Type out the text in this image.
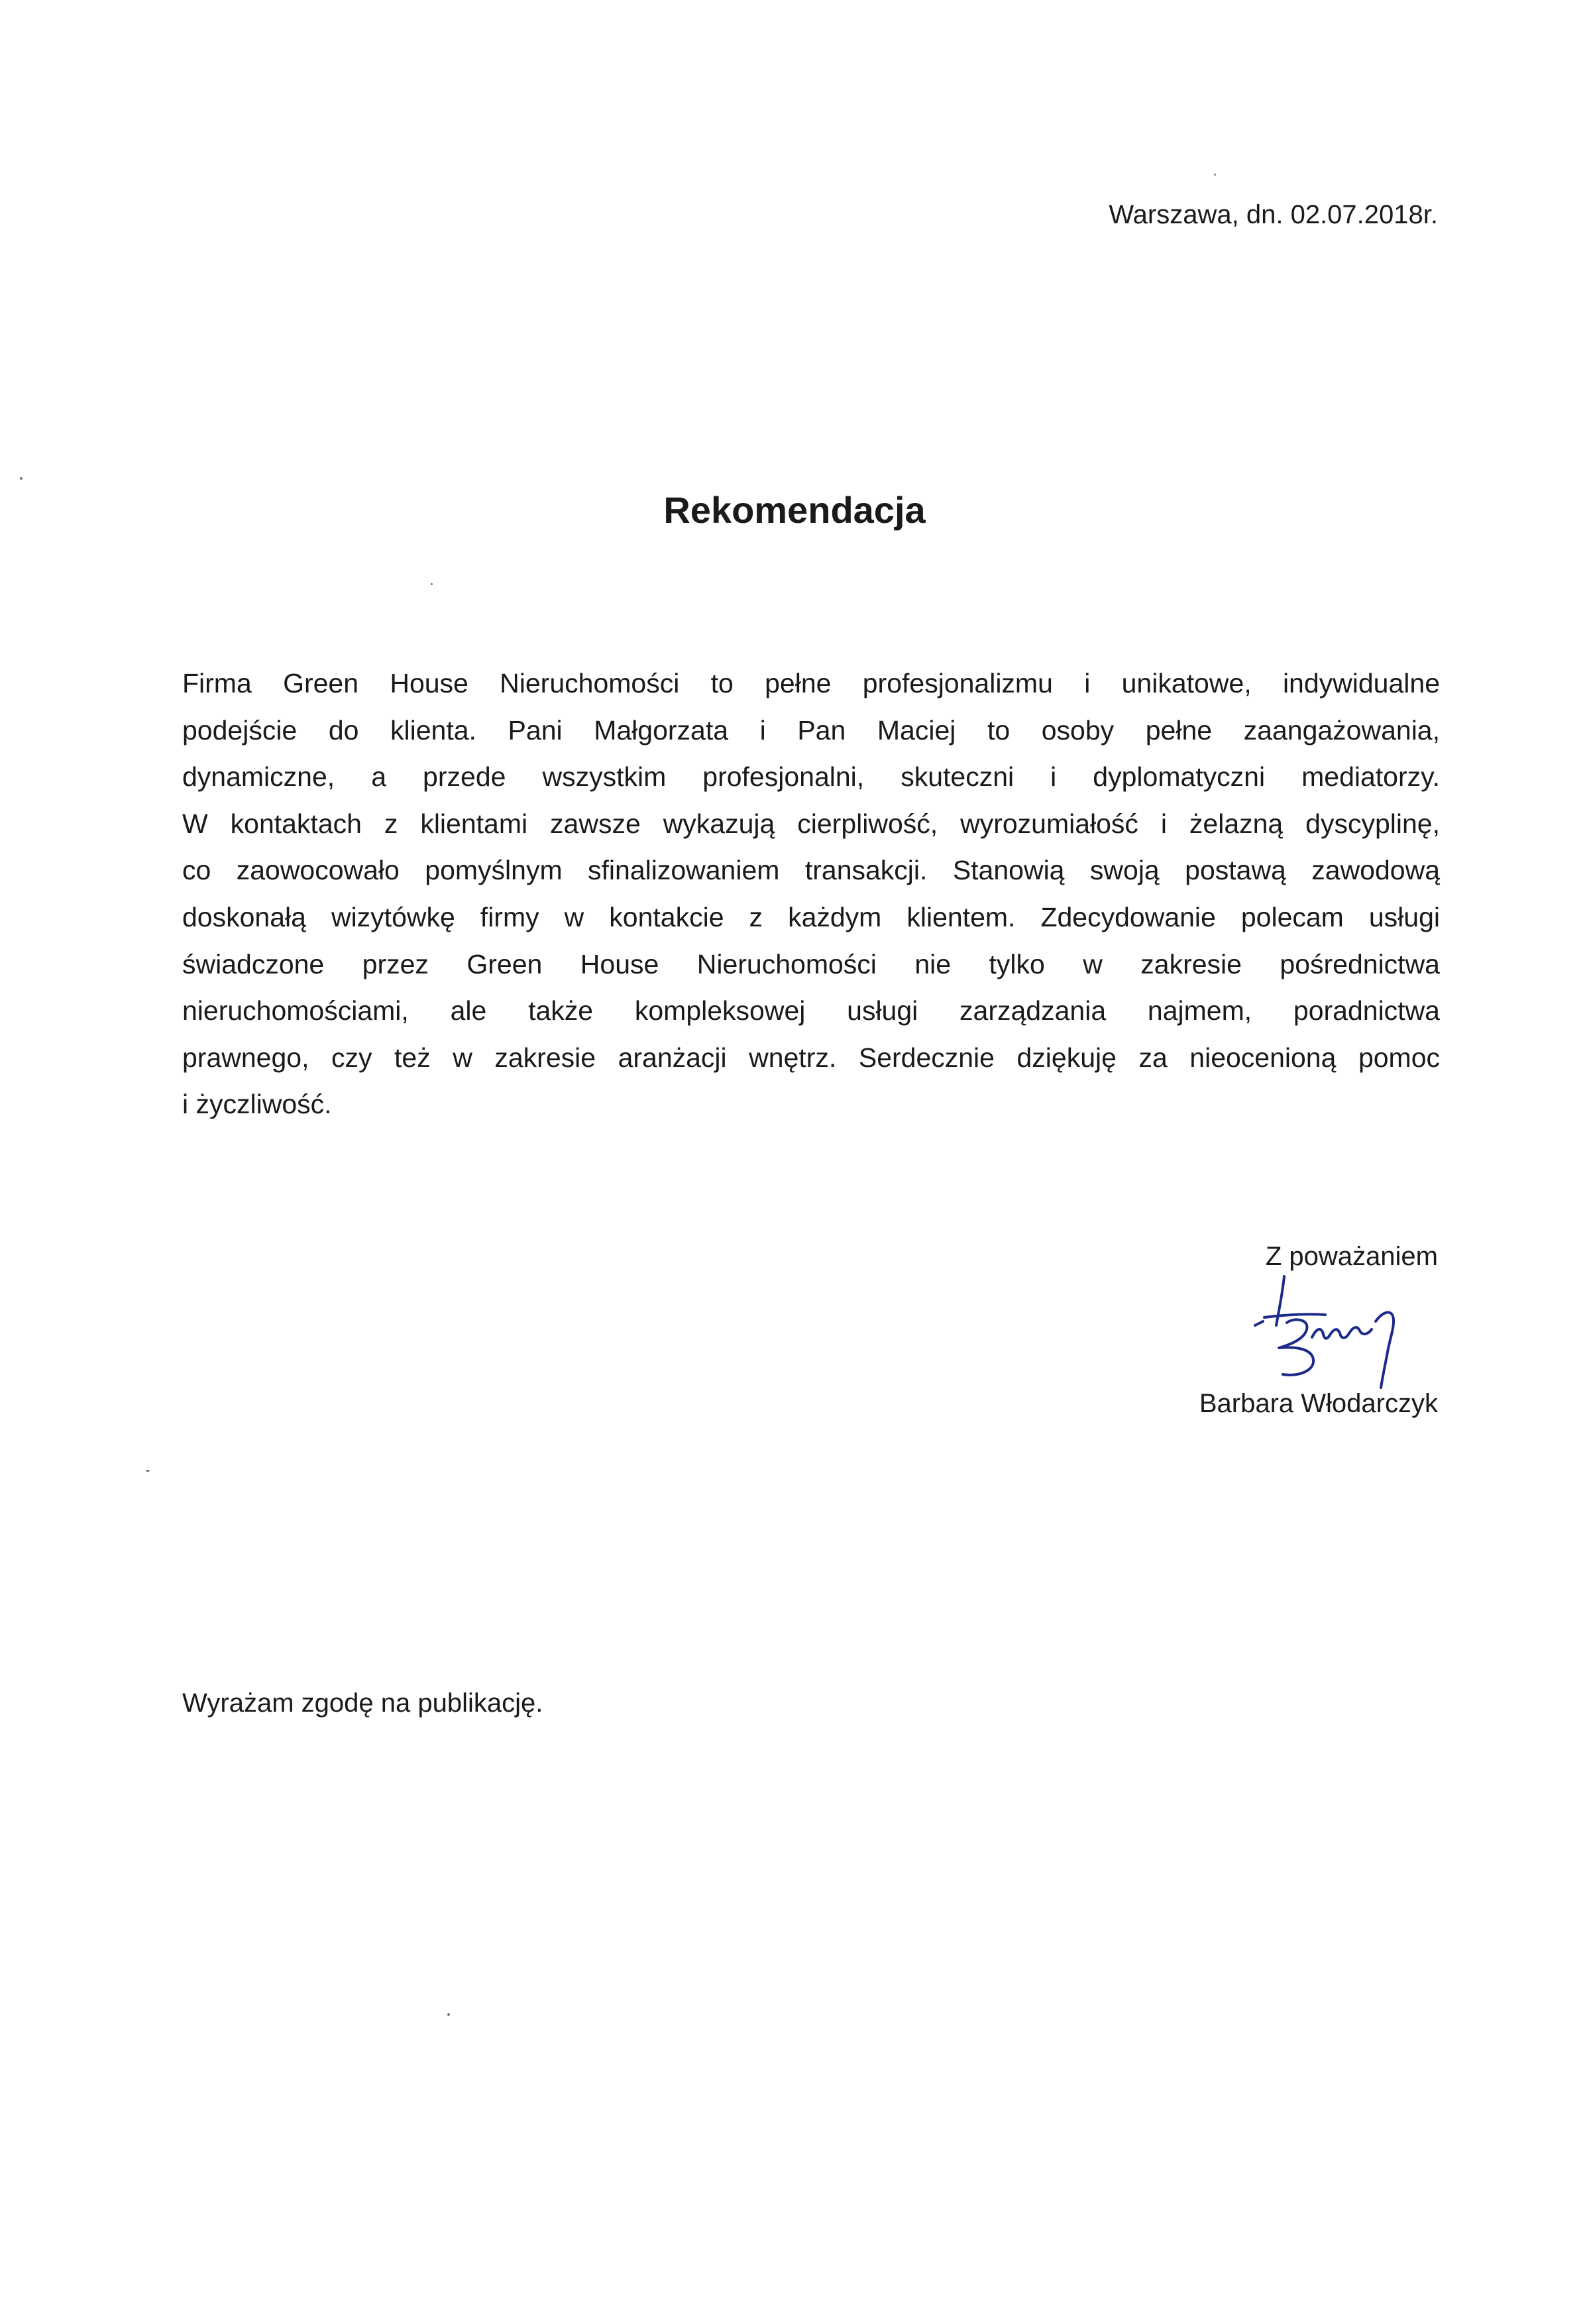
Warszawa, dn. 02.07.2018r.
Rekomendacja
Firma Green House Nieruchomości to pełne profesjonalizmu i unikatowe, indywidualne
podejście do klienta. Pani Małgorzata i Pan Maciej to osoby pełne zaangażowania,
dynamiczne, a przede wszystkim profesjonalni, skuteczni i dyplomatyczni mediatorzy.
W kontaktach z klientami zawsze wykazują cierpliwość, wyrozumiałość i żelazną dyscyplinę,
co zaowocowało pomyślnym sfinalizowaniem transakcji. Stanowią swoją postawą zawodową
doskonałą wizytówkę firmy w kontakcie z każdym klientem. Zdecydowanie polecam usługi
świadczone przez Green House Nieruchomości nie tylko w zakresie pośrednictwa
nieruchomościami, ale także kompleksowej usługi zarządzania najmem, poradnictwa
prawnego, czy też w zakresie aranżacji wnętrz. Serdecznie dziękuję za nieocenioną pomoc
i życzliwość.
Z poważaniem
Barbara Włodarczyk
Wyrażam zgodę na publikację.
